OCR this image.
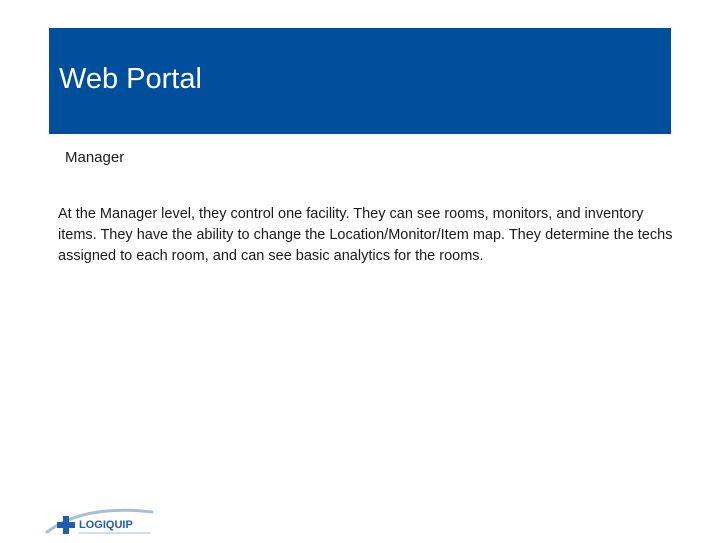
Web Portal
Manager
At the Manager level, they control one facility. They can see rooms, monitors, and inventory items. They have the ability to change the Location/Monitor/Item map. They determine the techs assigned to each room, and can see basic analytics for the rooms.
LOGIQUIP
